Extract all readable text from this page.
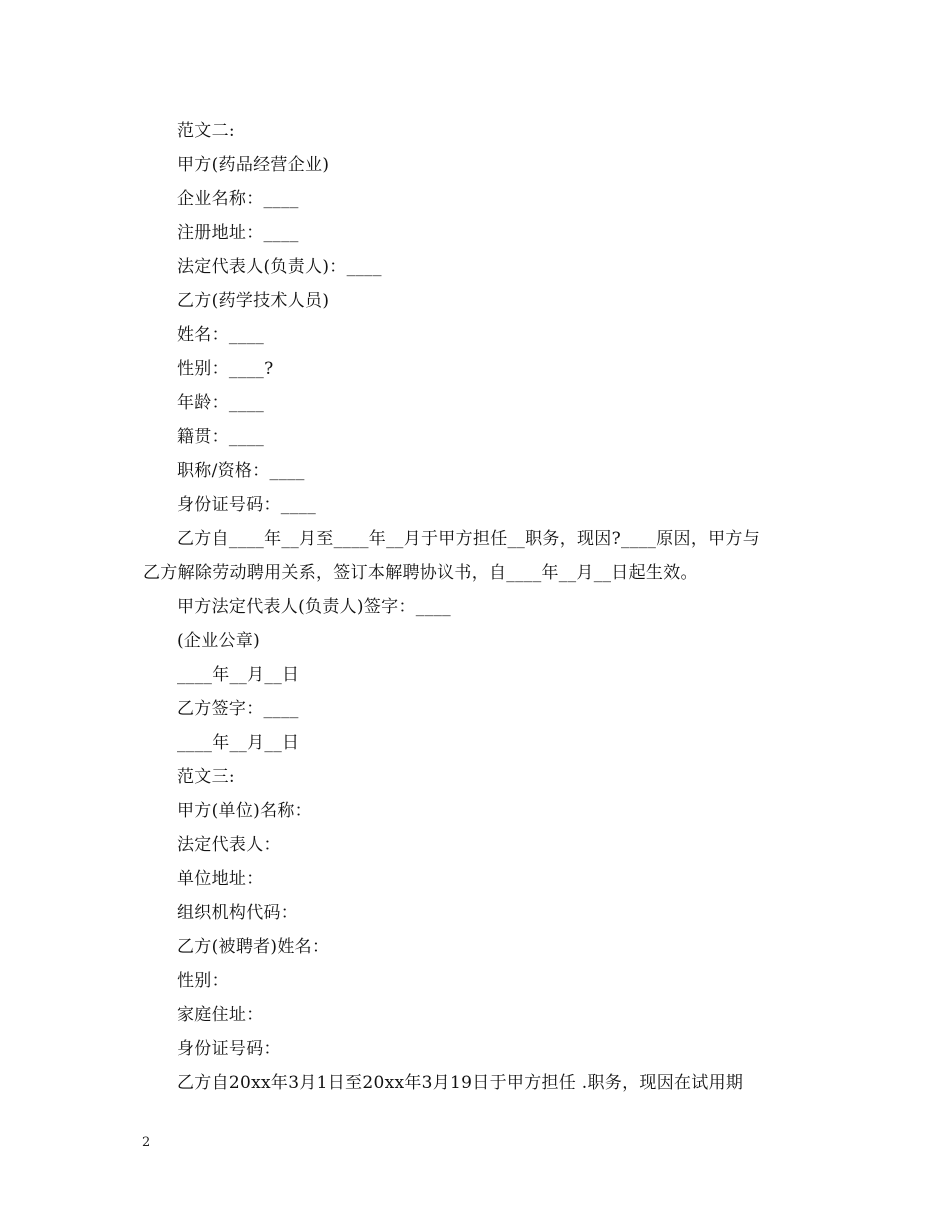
范文二:
甲方(药品经营企业)
企业名称：____
注册地址：____
法定代表人(负责人)：____
乙方(药学技术人员)
姓名：____
性别：____?
年龄：____
籍贯：____
职称/资格：____
身份证号码：____
乙方自____年__月至____年__月于甲方担任__职务，现因?____原因，甲方与
乙方解除劳动聘用关系，签订本解聘协议书，自____年__月__日起生效。
甲方法定代表人(负责人)签字：____
(企业公章)
____年__月__日
乙方签字：____
____年__月__日
范文三:
甲方(单位)名称：
法定代表人：
单位地址：
组织机构代码：
乙方(被聘者)姓名：
性别：
家庭住址：
身份证号码：
乙方自20xx年3月1日至20xx年3月19日于甲方担任 .职务，现因在试用期
2
